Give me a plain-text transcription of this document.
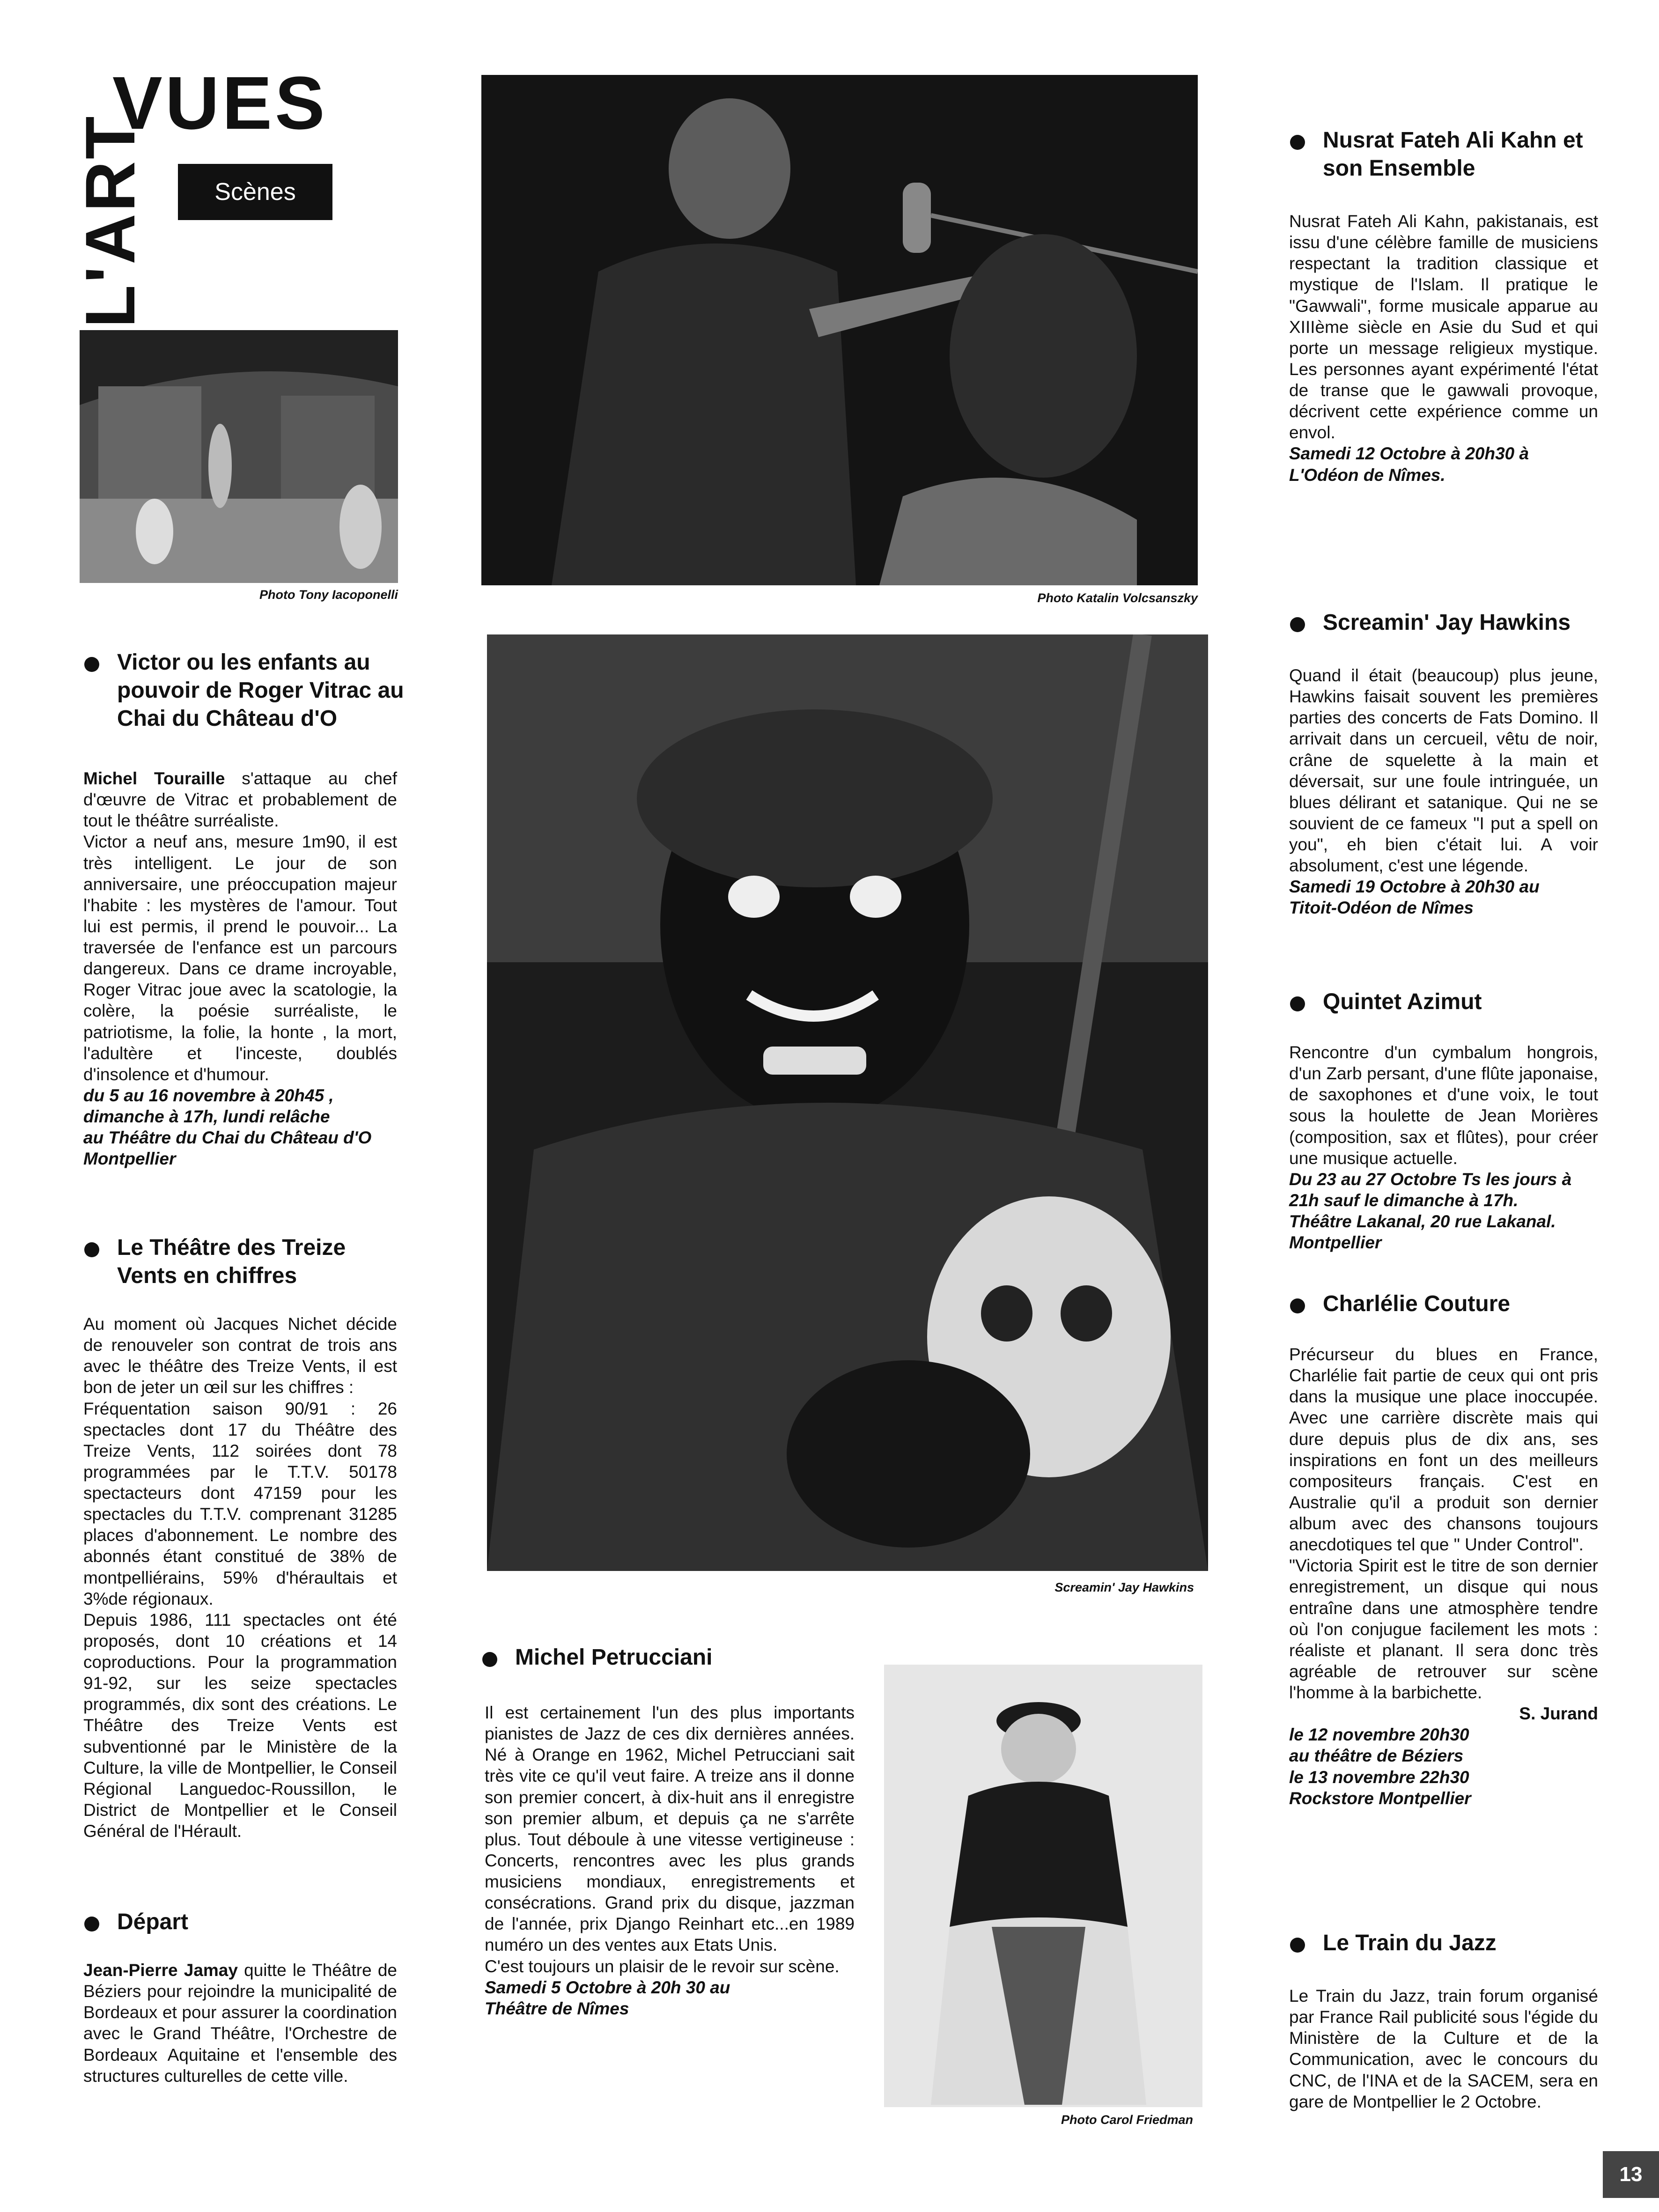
VUES
L'ART	Scènes
Photo Tony Iacoponelli	Photo Katalin Volcsanszky
Screamin' Jay Hawkins
Photo Carol Friedman
Victor ou les enfants au pouvoir de Roger Vitrac au Chai du Château d'O

Michel Touraille s'attaque au chef d'œuvre de Vitrac et probablement de tout le théâtre surréaliste.

Victor a neuf ans, mesure 1m90, il est très intelligent. Le jour de son anniversaire, une préoccupation majeur l'habite : les mystères de l'amour. Tout lui est permis, il prend le pouvoir... La traversée de l'enfance est un parcours dangereux. Dans ce drame incroyable, Roger Vitrac joue avec la scatologie, la colère, la poésie surréaliste, le patriotisme, la folie, la honte , la mort, l'adultère et l'inceste, doublés d'insolence et d'humour.

du 5 au 16 novembre à 20h45 ,
dimanche à 17h, lundi relâche
au Théâtre du Chai du Château d'O
Montpellier
Le Théâtre des Treize Vents en chiffres

Au moment où Jacques Nichet décide de renouveler son contrat de trois ans avec le théâtre des Treize Vents, il est bon de jeter un œil sur les chiffres :

Fréquentation saison 90/91 : 26 spectacles dont 17 du Théâtre des Treize Vents, 112 soirées dont 78 programmées par le T.T.V. 50178 spectacteurs dont 47159 pour les spectacles du T.T.V. comprenant 31285 places d'abonnement. Le nombre des abonnés étant constitué de 38% de montpelliérains, 59% d'héraultais et 3%de régionaux.

Depuis 1986, 111 spectacles ont été proposés, dont 10 créations et 14 coproductions. Pour la programmation 91-92, sur les seize spectacles programmés, dix sont des créations. Le Théâtre des Treize Vents est subventionné par le Ministère de la Culture, la ville de Montpellier, le Conseil Régional Languedoc-Roussillon, le District de Montpellier et le Conseil Général de l'Hérault.

Départ

Jean-Pierre Jamay quitte le Théâtre de Béziers pour rejoindre la municipalité de Bordeaux et pour assurer la coordination avec le Grand Théâtre, l'Orchestre de Bordeaux Aquitaine et l'ensemble des structures culturelles de cette ville.

Michel Petrucciani

Il est certainement l'un des plus importants pianistes de Jazz de ces dix dernières années. Né à Orange en 1962, Michel Petrucciani sait très vite ce qu'il veut faire. A treize ans il donne son premier concert, à dix-huit ans il enregistre son premier album, et depuis ça ne s'arrête plus. Tout déboule à une vitesse vertigineuse : Concerts, rencontres avec les plus grands musiciens mondiaux, enregistrements et consécrations. Grand prix du disque, jazzman de l'année, prix Django Reinhart etc...en 1989 numéro un des ventes aux Etats Unis.

C'est toujours un plaisir de le revoir sur scène.

Samedi 5 Octobre à 20h 30 au
Théâtre de Nîmes
Nusrat Fateh Ali Kahn et son Ensemble

Nusrat Fateh Ali Kahn, pakistanais, est issu d'une célèbre famille de musiciens respectant la tradition classique et mystique de l'Islam. Il pratique le "Gawwali", forme musicale apparue au XIIIème siècle en Asie du Sud et qui porte un message religieux mystique. Les personnes ayant expérimenté l'état de transe que le gawwali provoque, décrivent cette expérience comme un envol.

Samedi 12 Octobre à 20h30 à
L'Odéon de Nîmes.
Screamin' Jay Hawkins

Quand il était (beaucoup) plus jeune, Hawkins faisait souvent les premières parties des concerts de Fats Domino. Il arrivait dans un cercueil, vêtu de noir, crâne de squelette à la main et déversait, sur une foule intringuée, un blues délirant et satanique. Qui ne se souvient de ce fameux "I put a spell on you", eh bien c'était lui. A voir absolument, c'est une légende.

Samedi 19 Octobre à 20h30 au
Titoit-Odéon de Nîmes
Quintet Azimut

Rencontre d'un cymbalum hongrois, d'un Zarb persant, d'une flûte japonaise, de saxophones et d'une voix, le tout sous la houlette de Jean Morières (composition, sax et flûtes), pour créer une musique actuelle.

Du 23 au 27 Octobre Ts les jours à
21h sauf le dimanche à 17h.
Théâtre Lakanal, 20 rue Lakanal.
Montpellier
Charlélie Couture

Précurseur du blues en France, Charlélie fait partie de ceux qui ont pris dans la musique une place inoccupée. Avec une carrière discrète mais qui dure depuis plus de dix ans, ses inspirations en font un des meilleurs compositeurs français. C'est en Australie qu'il a produit son dernier album avec des chansons toujours anecdotiques tel que " Under Control".

"Victoria Spirit est le titre de son dernier enregistrement, un disque qui nous entraîne dans une atmosphère tendre où l'on conjugue facilement les mots : réaliste et planant. Il sera donc très agréable de retrouver sur scène l'homme à la barbichette.

S. Jurand
le 12 novembre 20h30
au théâtre de Béziers
le 13 novembre 22h30
Rockstore Montpellier
Le Train du Jazz

Le Train du Jazz, train forum organisé par France Rail publicité sous l'égide du Ministère de la Culture et de la Communication, avec le concours du CNC, de l'INA et de la SACEM, sera en gare de Montpellier le 2 Octobre.

13
